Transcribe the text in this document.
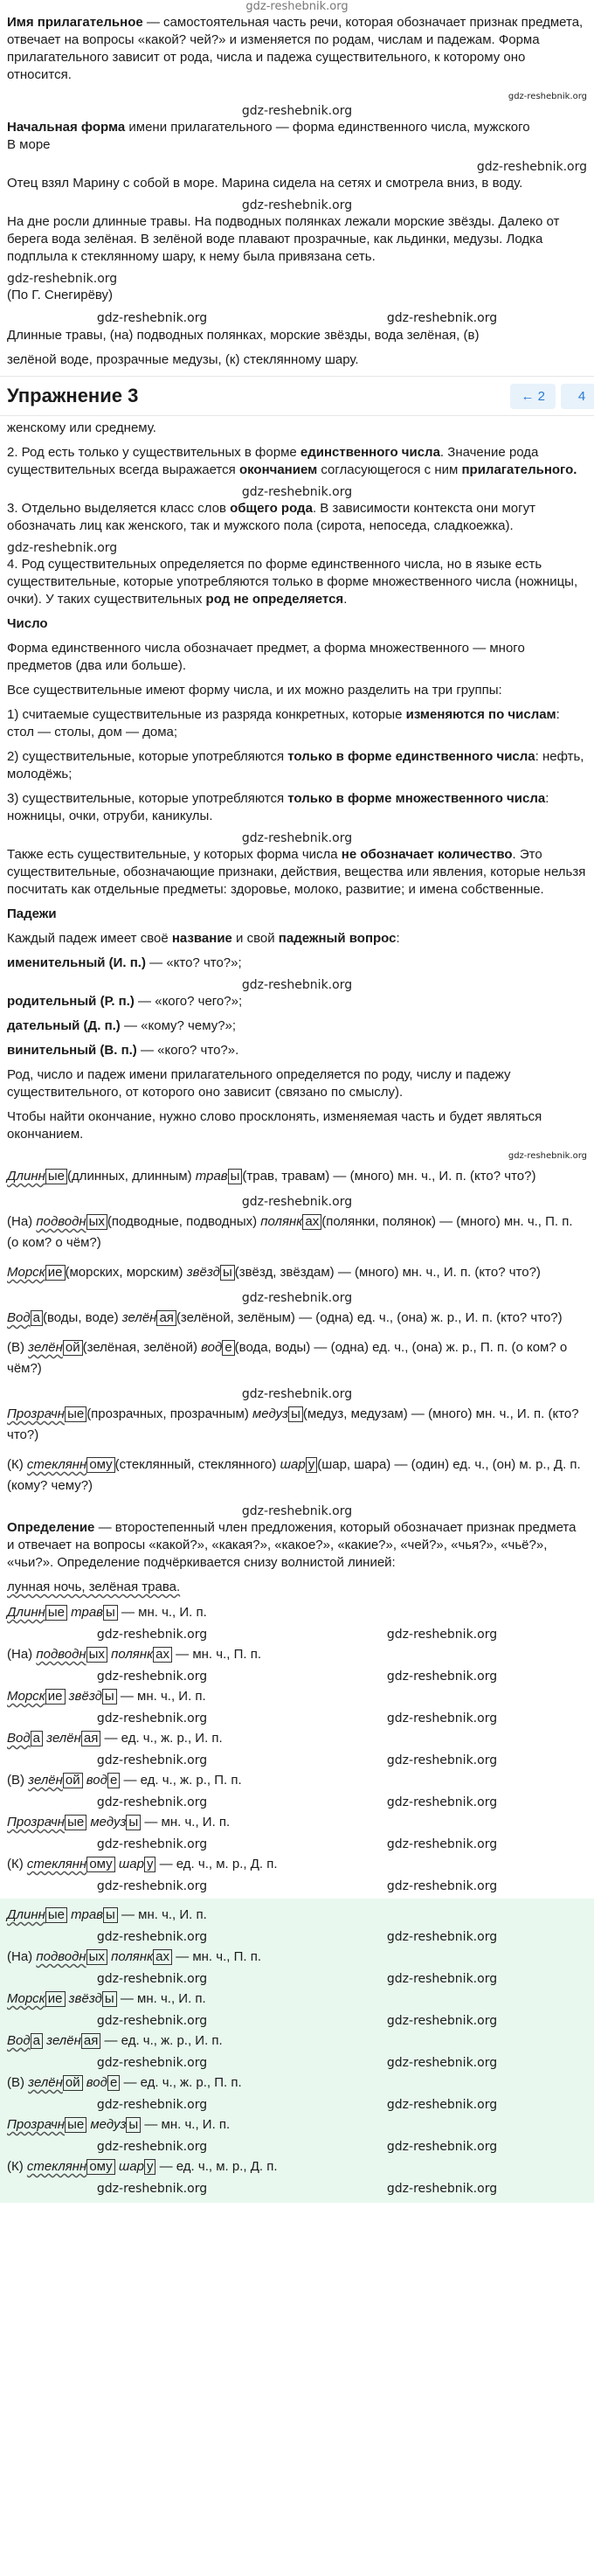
gdz-reshebnik.org

Имя прилагательное — самостоятельная часть речи, которая обозначает признак предмета, отвечает на вопросы «какой? чей?» и изменяется по родам, числам и падежам. Форма прилагательного зависит от рода, числа и падежа существительного, к которому оно относится.

gdz-reshebnik.org
gdz-reshebnik.org

Начальная форма имени прилагательного — форма единственного числа, мужского
В море

gdz-reshebnik.org

Отец взял Марину с собой в море. Марина сидела на сетях и смотрела вниз, в воду.

gdz-reshebnik.org

На дне росли длинные травы. На подводных полянках лежали морские звёзды. Далеко от берега вода зелёная. В зелёной воде плавают прозрачные, как льдинки, медузы. Лодка подплыла к стеклянному шару, к нему была привязана сеть.

gdz-reshebnik.org

(По Г. Снегирёву)

gdz-reshebnik.org	gdz-reshebnik.org

Длинные травы, (на) подводных полянках, морские звёзды, вода зелёная, (в)

зелёной воде, прозрачные медузы, (к) стеклянному шару.

Упражнение 3	← 2	4

женскому или среднему.

2. Род есть только у существительных в форме единственного числа. Значение рода существительных всегда выражается окончанием согласующегося с ним прилагательного.

gdz-reshebnik.org

3. Отдельно выделяется класс слов общего рода. В зависимости контекста они могут обозначать лиц как женского, так и мужского пола (сирота, непоседа, сладкоежка).

gdz-reshebnik.org

4. Род существительных определяется по форме единственного числа, но в языке есть существительные, которые употребляются только в форме множественного числа (ножницы, очки). У таких существительных род не определяется.

Число

Форма единственного числа обозначает предмет, а форма множественного — много предметов (два или больше).

Все существительные имеют форму числа, и их можно разделить на три группы:

1) считаемые существительные из разряда конкретных, которые изменяются по числам: стол — столы, дом — дома;

2) существительные, которые употребляются только в форме единственного числа: нефть, молодёжь;

3) существительные, которые употребляются только в форме множественного числа: ножницы, очки, отруби, каникулы.

gdz-reshebnik.org

Также есть существительные, у которых форма числа не обозначает количество. Это существительные, обозначающие признаки, действия, вещества или явления, которые нельзя посчитать как отдельные предметы: здоровье, молоко, развитие; и имена собственные.

Падежи

Каждый падеж имеет своё название и свой падежный вопрос:

именительный (И. п.) — «кто? что?»;

gdz-reshebnik.org

родительный (Р. п.) — «кого? чего?»;

дательный (Д. п.) — «кому? чему?»;

винительный (В. п.) — «кого? что?».

Род, число и падеж имени прилагательного определяется по роду, числу и падежу существительного, от которого оно зависит (связано по смыслу).

Чтобы найти окончание, нужно слово просклонять, изменяемая часть и будет являться окончанием.

gdz-reshebnik.org
Длинн ые (длинных, длинным) трав ы (трав, травам) — (много) мн. ч., И. п. (кто? что?)
gdz-reshebnik.org
(На) подводн ых (подводные, подводных) полянк ах (полянки, полянок) — (много) мн. ч., П. п. (о ком? о чём?)
Морск ие (морских, морским) звёзд ы (звёзд, звёздам) — (много) мн. ч., И. п. (кто? что?)
gdz-reshebnik.org
Вод а (воды, воде) зелён ая (зелёной, зелёным) — (одна) ед. ч., (она) ж. р., И. п. (кто? что?)
(В) зелён ой (зелёная, зелёной) вод е (вода, воды) — (одна) ед. ч., (она) ж. р., П. п. (о ком? о чём?)
gdz-reshebnik.org
Прозрачн ые (прозрачных, прозрачным) медуз ы (медуз, медузам) — (много) мн. ч., И. п. (кто? что?)
(К) стеклянн ому (стеклянный, стеклянного) шар у (шар, шара) — (один) ед. ч., (он) м. р., Д. п. (кому? чему?)
gdz-reshebnik.org

Определение — второстепенный член предложения, который обозначает признак предмета и отвечает на вопросы «какой?», «какая?», «какое?», «какие?», «чей?», «чья?», «чьё?», «чьи?». Определение подчёркивается снизу волнистой линией:

лунная ночь, зелёная трава.

Длинн ые трав ы — мн. ч., И. п.
gdz-reshebnik.org	gdz-reshebnik.org
(На) подводн ых полянк ах — мн. ч., П. п.
gdz-reshebnik.org	gdz-reshebnik.org
Морск ие звёзд ы — мн. ч., И. п.
gdz-reshebnik.org	gdz-reshebnik.org
Вод а зелён ая — ед. ч., ж. р., И. п.
gdz-reshebnik.org	gdz-reshebnik.org
(В) зелён ой вод е — ед. ч., ж. р., П. п.
gdz-reshebnik.org	gdz-reshebnik.org
Прозрачн ые медуз ы — мн. ч., И. п.
gdz-reshebnik.org	gdz-reshebnik.org
(К) стеклянн ому шар у — ед. ч., м. р., Д. п.
gdz-reshebnik.org	gdz-reshebnik.org
Длинн ые трав ы — мн. ч., И. п.
gdz-reshebnik.org	gdz-reshebnik.org
(На) подводн ых полянк ах — мн. ч., П. п.
gdz-reshebnik.org	gdz-reshebnik.org
Морск ие звёзд ы — мн. ч., И. п.
gdz-reshebnik.org	gdz-reshebnik.org
Вод а зелён ая — ед. ч., ж. р., И. п.
gdz-reshebnik.org	gdz-reshebnik.org
(В) зелён ой вод е — ед. ч., ж. р., П. п.
gdz-reshebnik.org	gdz-reshebnik.org
Прозрачн ые медуз ы — мн. ч., И. п.
gdz-reshebnik.org	gdz-reshebnik.org
(К) стеклянн ому шар у — ед. ч., м. р., Д. п.
gdz-reshebnik.org	gdz-reshebnik.org
